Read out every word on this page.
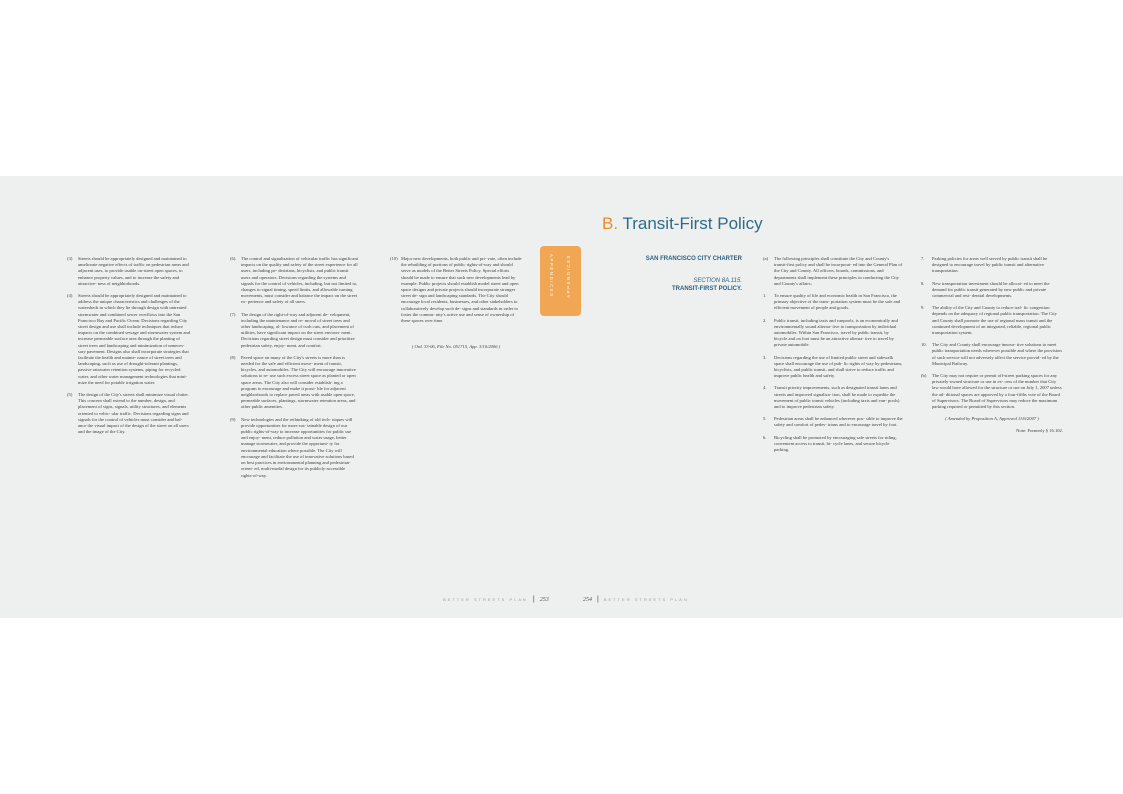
(3)	Streets should be appropriately designed and maintained to ameliorate negative effects of traffic on pedestrian areas and adjacent uses, to provide usable on-street open spaces, to enhance property values, and to increase the safety and attractive- ness of neighborhoods.
(4)	Streets should be appropriately designed and maintained to address the unique characteristics and challenges of the watersheds in which they lie through design with untreated stormwater and combined sewer overflows into the San Francisco Bay and Pacific Ocean. Decisions regarding City street design and use shall include techniques that reduce impacts on the combined sewage and stormwater system and increase permeable surface area through the planting of street trees and landscaping and minimization of unneces- sary pavement. Designs also shall incorporate strategies that facilitate the health and mainte- nance of street trees and landscaping, such as use of drought-tolerant plantings, passive rainwater retention systems, piping for recycled water, and other water management technologies that mini- mize the need for potable irrigation water.
(5)	The design of the City's streets shall minimize visual clutter. This concern shall extend to the number, design, and placement of signs, signals, utility structures, and elements oriented to vehic- ular traffic. Decisions regarding signs and signals for the control of vehicles must consider and bal- ance the visual impact of the design of the street on all users and the image of the City.
(6)	The control and signalization of vehicular traffic has significant impacts on the quality and safety of the street experience for all users, including pe- destrians, bicyclists, and public transit users and operators. Decisions regarding the systems and signals for the control of vehicles, including, but not limited to, changes to signal timing, speed limits, and allowable turning movements, must consider and balance the impact on the street ex- perience and safety of all users.
(7)	The design of the right-of-way and adjacent de- velopment, including the maintenance and re- moval of street trees and other landscaping, al- lowance of curb cuts, and placement of utilities, have significant impact on the street environ- ment. Decisions regarding street design must consider and prioritize pedestrian safety, enjoy- ment, and comfort.
(8)	Paved space on many of the City's streets is more than is needed for the safe and efficient move- ment of transit, bicycles, and automobiles. The City will encourage innovative solutions to re- use such excess street space as planted or open space areas. The City also will consider establish- ing a program to encourage and make it possi- ble for adjacent neighborhoods to replace paved areas with usable open space, permeable surfaces, plantings, stormwater retention areas, and other public amenities.
(9)	New technologies and the rethinking of old tech- niques will provide opportunities for more sus- tainable design of our public rights-of-way to increase opportunities for public use and enjoy- ment, reduce pollution and water usage, better manage stormwater, and provide the opportuni- ty for environmental education where possible. The City will encourage and facilitate the use of innovative solutions based on best practices in environmental planning and pedestrian-orient- ed, multi-modal design for its publicly-accessible rights-of-way.
(10) Major new developments, both public and pri- vate, often include the rebuilding of portions of public rights-of-way and should serve as models of the Better Streets Policy. Special efforts should be made to ensure that such new developments lead by example. Public projects should establish model street and open space designs and private projects should incorporate stronger street de- sign and landscaping standards. The City should encourage local residents, businesses, and other stakeholders to collaboratively develop such de- signs and standards in order to foster the commu- nity's active use and sense of ownership of these spaces over time.
( Ord. 33-06, File No. 051715, App. 3/10/2006 )
APPENDICES	APPENDICES
B. Transit-First Policy
SAN FRANCISCO CITY CHARTER
SECTION 8A.115.
TRANSIT-FIRST POLICY.
(a)	The following principles shall constitute the City and County's transit-first policy and shall be incorporat- ed into the General Plan of the City and County. All officers, boards, commissions, and departments shall implement these principles in conducting the City and County's affairs:
1.	To ensure quality of life and economic health in San Francisco, the primary objective of the trans- portation system must be the safe and efficient movement of people and goods.
2.	Public transit, including taxis and vanpools, is an economically and environmentally sound alterna- tive to transportation by individual automobiles. Within San Francisco, travel by public transit, by bicycle and on foot must be an attractive alterna- tive to travel by private automobile.
3.	Decisions regarding the use of limited public street and sidewalk space shall encourage the use of pub- lic rights of way by pedestrians, bicyclists, and public transit, and shall strive to reduce traffic and improve public health and safety.
4.	Transit priority improvements, such as designated transit lanes and streets and improved signaliza- tion, shall be made to expedite the movement of public transit vehicles (including taxis and van- pools) and to improve pedestrian safety.
5.	Pedestrian areas shall be enhanced wherever pos- sible to improve the safety and comfort of pedes- trians and to encourage travel by foot.
6.	Bicycling shall be promoted by encouraging safe streets for riding, convenient access to transit, bi- cycle lanes, and secure bicycle parking.
7.	Parking policies for areas well served by public transit shall be designed to encourage travel by public transit and alternative transportation.
8.	New transportation investment should be allocat- ed to meet the demand for public transit generated by new public and private commercial and resi- dential developments.
9.	The ability of the City and County to reduce traf- fic congestion depends on the adequacy of regional public transportation. The City and County shall promote the use of regional mass transit and the continued development of an integrated, reliable, regional public transportation system.
10.	The City and County shall encourage innova- tive solutions to meet public transportation needs wherever possible and where the provision of such service will not adversely affect the service provid- ed by the Municipal Railway.
(b)	The City may not require or permit off-street parking spaces for any privately-owned structure or use in ex- cess of the number that City law would have allowed for the structure or use on July 1, 2007 unless the ad- ditional spaces are approved by a four-fifths vote of the Board of Supervisors. The Board of Supervisors may reduce the maximum parking required or permitted by this section.
( Amended by Proposition A, Approved 11/6/2007 )
Note: Formerly § 16.102.
BETTER STREETS PLAN | 253	254 | BETTER STREETS PLAN
